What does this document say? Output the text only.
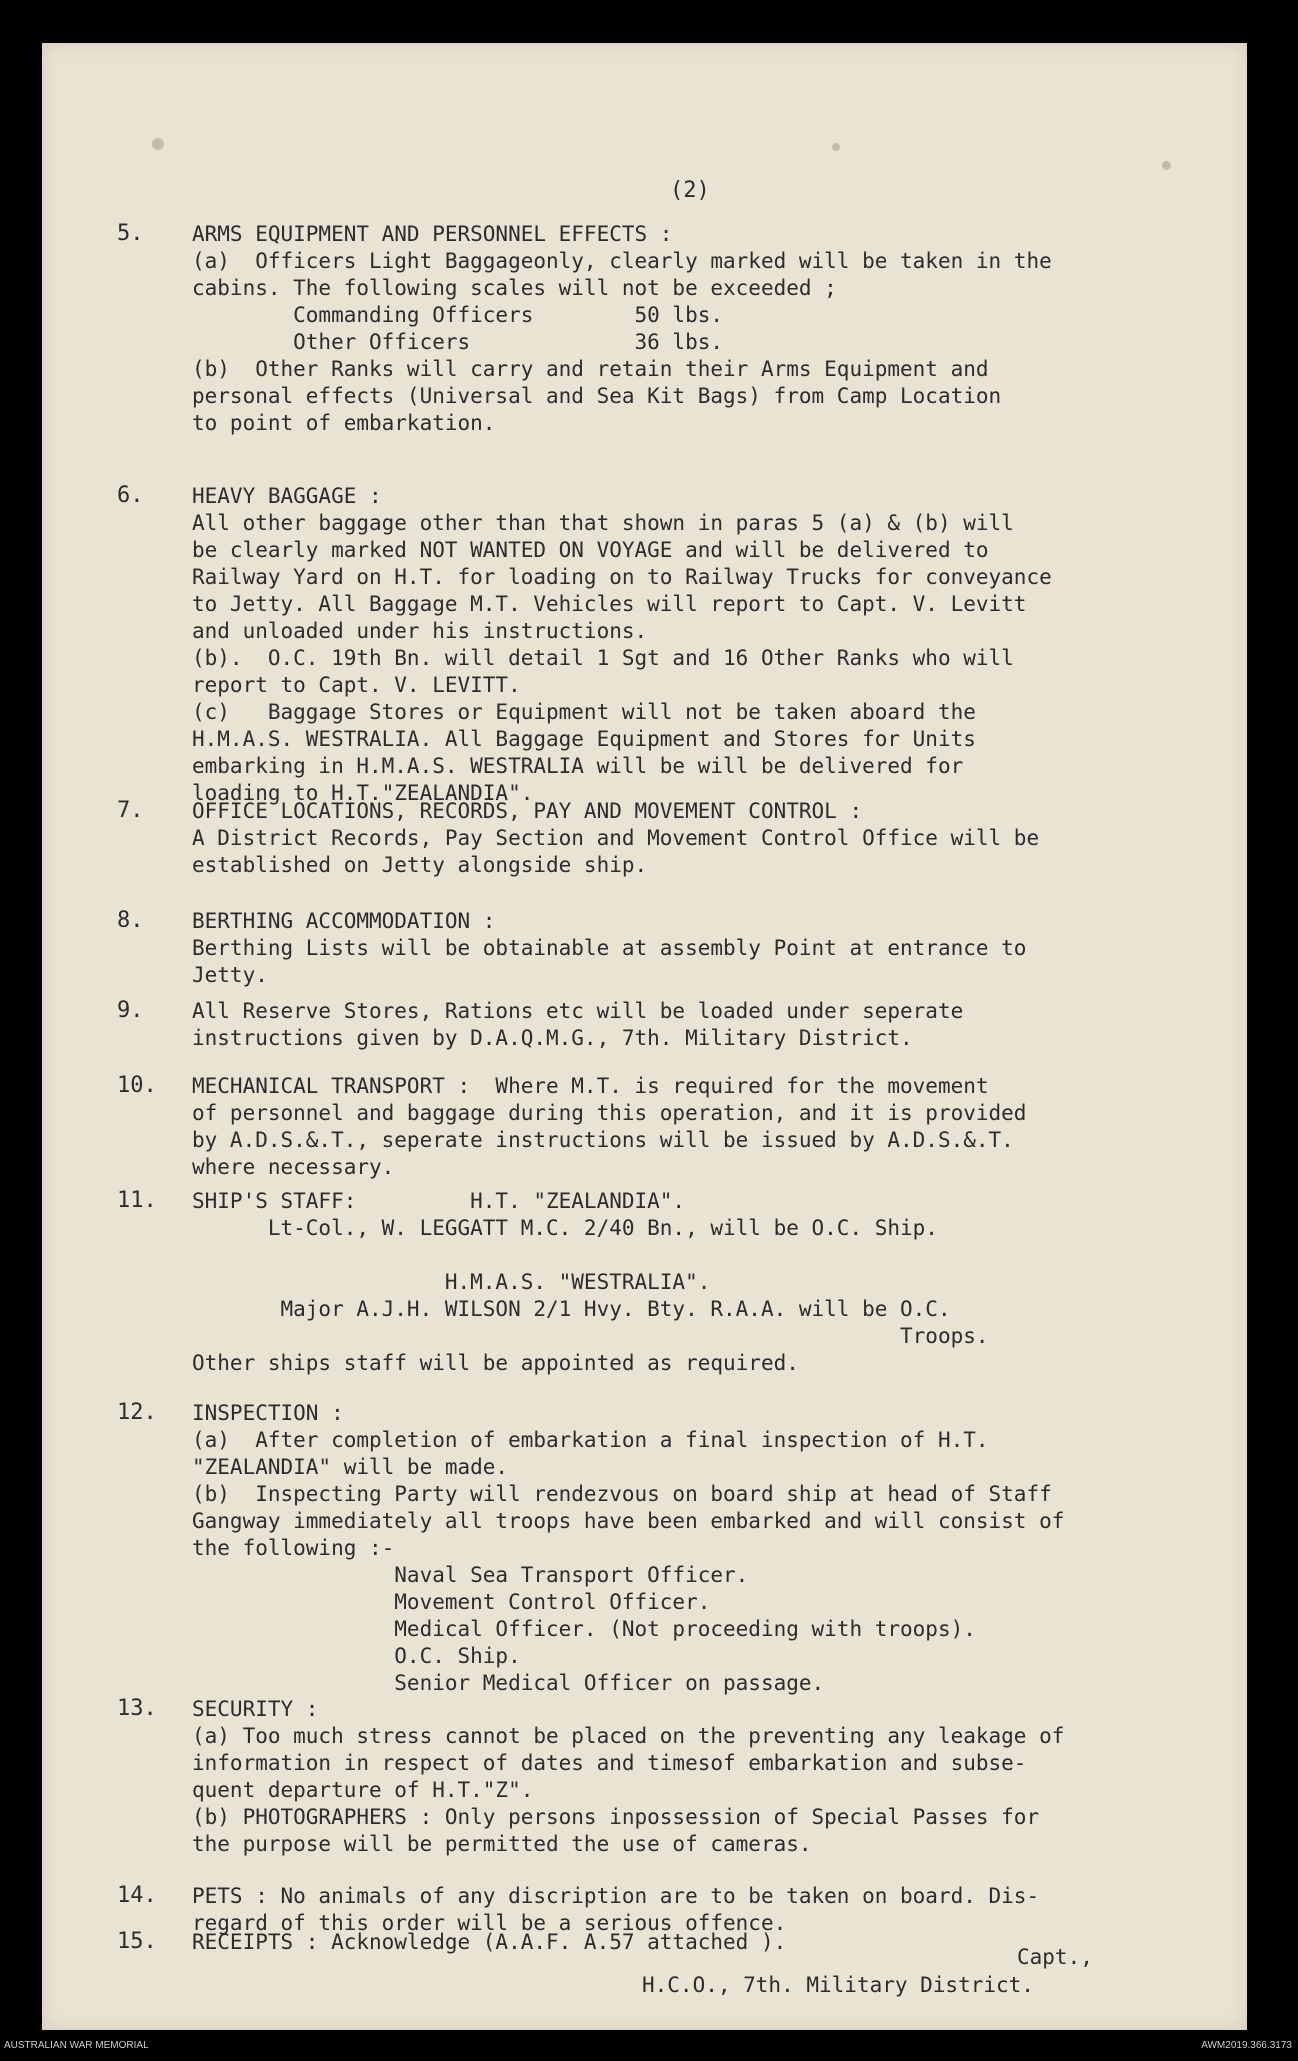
(2)
5. ARMS EQUIPMENT AND PERSONNEL EFFECTS :
(a)  Officers Light Baggageonly, clearly marked will be taken in the
cabins. The following scales will not be exceeded ;
Commanding Officers        50 lbs.
Other Officers             36 lbs.
(b)  Other Ranks will carry and retain their Arms Equipment and
personal effects (Universal and Sea Kit Bags) from Camp Location
to point of embarkation.
6. HEAVY BAGGAGE :
All other baggage other than that shown in paras 5 (a) & (b) will
be clearly marked NOT WANTED ON VOYAGE and will be delivered to
Railway Yard on H.T. for loading on to Railway Trucks for conveyance
to Jetty. All Baggage M.T. Vehicles will report to Capt. V. Levitt
and unloaded under his instructions.
(b).  O.C. 19th Bn. will detail 1 Sgt and 16 Other Ranks who will
report to Capt. V. LEVITT.
(c)   Baggage Stores or Equipment will not be taken aboard the
H.M.A.S. WESTRALIA. All Baggage Equipment and Stores for Units
embarking in H.M.A.S. WESTRALIA will be will be delivered for
loading to H.T."ZEALANDIA".
7. OFFICE LOCATIONS, RECORDS, PAY AND MOVEMENT CONTROL :
A District Records, Pay Section and Movement Control Office will be
established on Jetty alongside ship.
8. BERTHING ACCOMMODATION :
Berthing Lists will be obtainable at assembly Point at entrance to
Jetty.
9. All Reserve Stores, Rations etc will be loaded under seperate
instructions given by D.A.Q.M.G., 7th. Military District.
10. MECHANICAL TRANSPORT :  Where M.T. is required for the movement
of personnel and baggage during this operation, and it is provided
by A.D.S.&.T., seperate instructions will be issued by A.D.S.&.T.
where necessary.
11. SHIP'S STAFF:         H.T. "ZEALANDIA".
Lt-Col., W. LEGGATT M.C. 2/40 Bn., will be O.C. Ship.
H.M.A.S. "WESTRALIA".
Major A.J.H. WILSON 2/1 Hvy. Bty. R.A.A. will be O.C.
Troops.
Other ships staff will be appointed as required.
12. INSPECTION :
(a)  After completion of embarkation a final inspection of H.T.
"ZEALANDIA" will be made.
(b)  Inspecting Party will rendezvous on board ship at head of Staff
Gangway immediately all troops have been embarked and will consist of
the following :-
Naval Sea Transport Officer.
Movement Control Officer.
Medical Officer. (Not proceeding with troops).
O.C. Ship.
Senior Medical Officer on passage.
13. SECURITY :
(a) Too much stress cannot be placed on the preventing any leakage of
information in respect of dates and timesof embarkation and subse-
quent departure of H.T."Z".
(b) PHOTOGRAPHERS : Only persons inpossession of Special Passes for
the purpose will be permitted the use of cameras.
14. PETS : No animals of any discription are to be taken on board. Dis-
regard of this order will be a serious offence.
15. RECEIPTS : Acknowledge (A.A.F. A.57 attached ).
Capt.,
H.C.O., 7th. Military District.
AUSTRALIAN WAR MEMORIAL	AWM2019.366.3173
